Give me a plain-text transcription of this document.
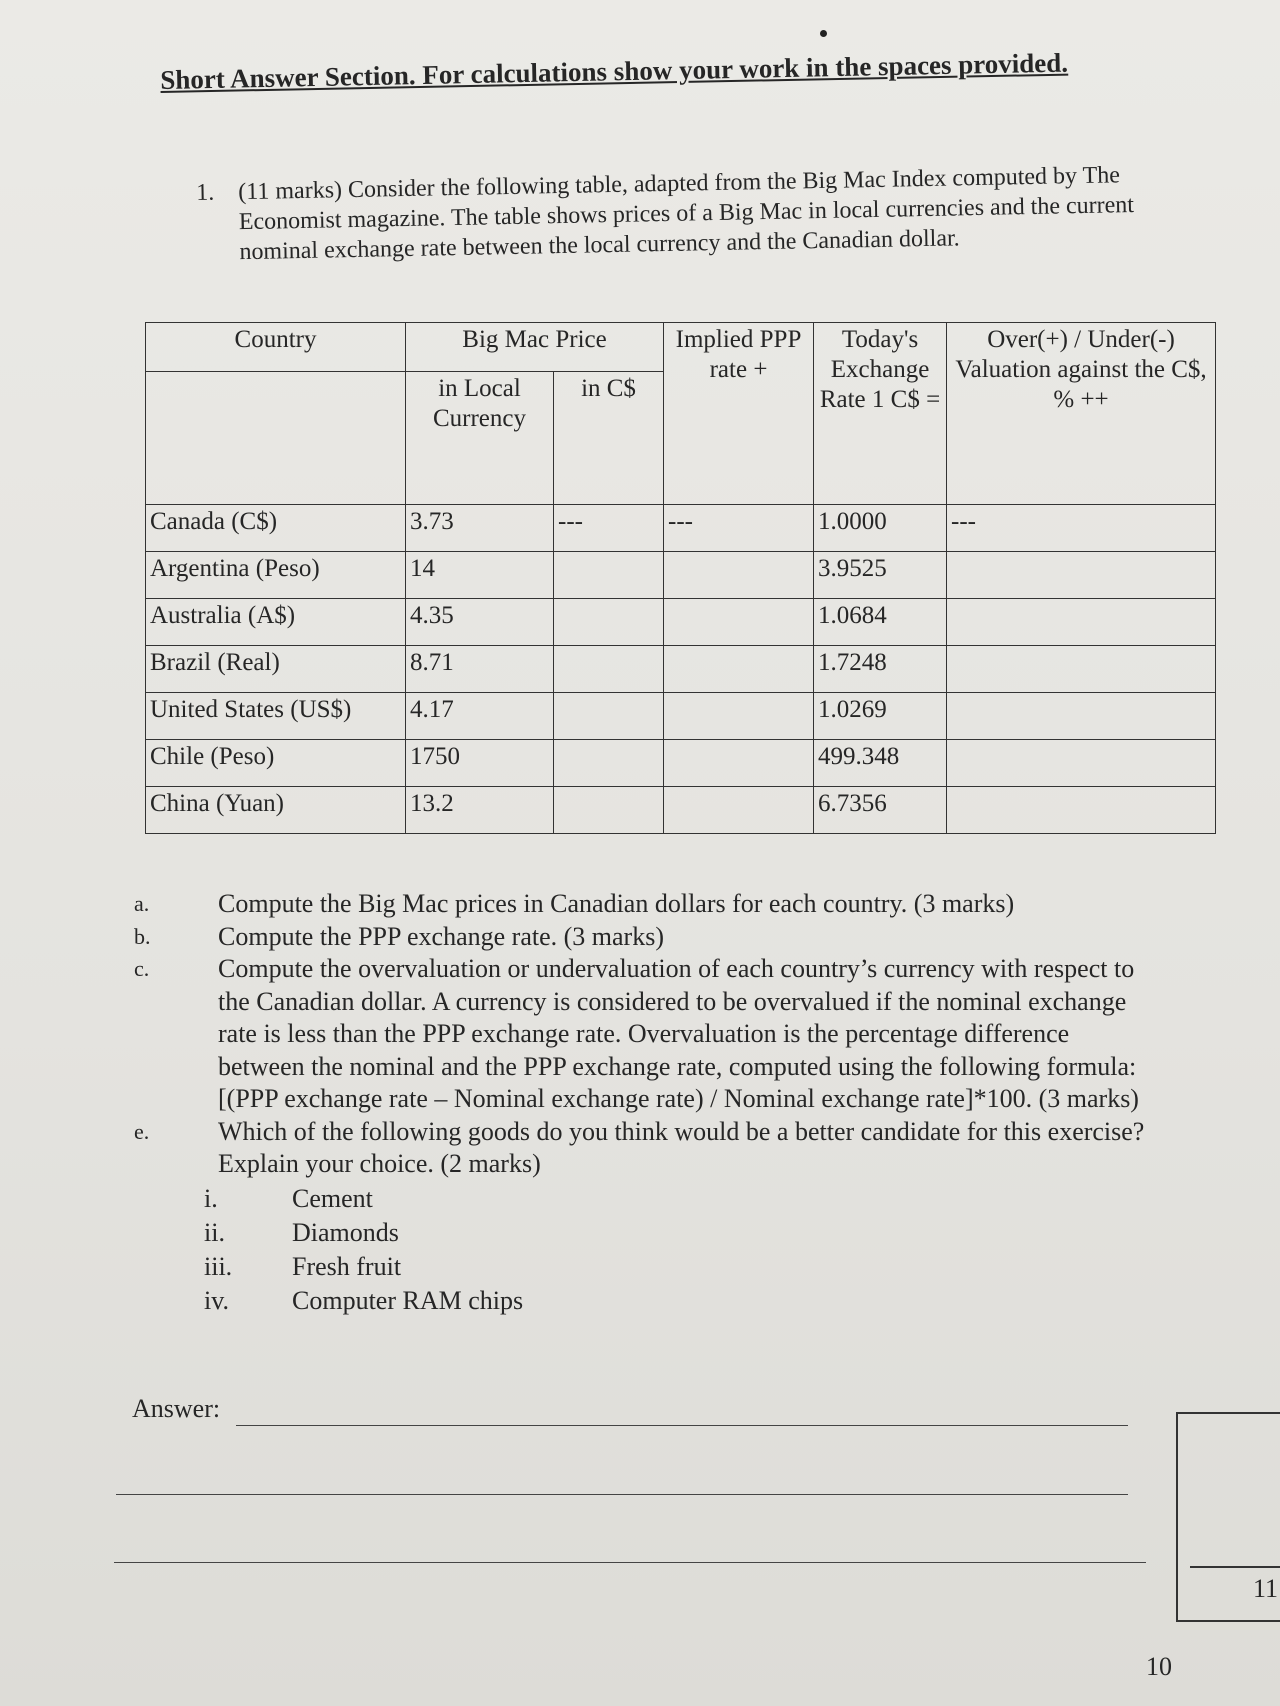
Short Answer Section. For calculations show your work in the spaces provided.
1. (11 marks) Consider the following table, adapted from the Big Mac Index computed by The Economist magazine. The table shows prices of a Big Mac in local currencies and the current nominal exchange rate between the local currency and the Canadian dollar.
Country	Big Mac Price		Implied PPP rate +	Today's Exchange Rate 1 C$ =	Over(+) / Under(-) Valuation against the C$, % ++
	in Local Currency	in C$			
Canada (C$)	3.73	---	---	1.0000	---
Argentina (Peso)	14			3.9525	
Australia (A$)	4.35			1.0684	
Brazil (Real)	8.71			1.7248	
United States (US$)	4.17			1.0269	
Chile (Peso)	1750			499.348	
China (Yuan)	13.2			6.7356	
a.	Compute the Big Mac prices in Canadian dollars for each country. (3 marks)
b.	Compute the PPP exchange rate. (3 marks)
c.	Compute the overvaluation or undervaluation of each country’s currency with respect to the Canadian dollar. A currency is considered to be overvalued if the nominal exchange rate is less than the PPP exchange rate. Overvaluation is the percentage difference between the nominal and the PPP exchange rate, computed using the following formula: [(PPP exchange rate – Nominal exchange rate) / Nominal exchange rate]*100. (3 marks)
e.	Which of the following goods do you think would be a better candidate for this exercise? Explain your choice. (2 marks)
i.	Cement
ii.	Diamonds
iii. Fresh fruit
iv. Computer RAM chips
Answer:
11
10
